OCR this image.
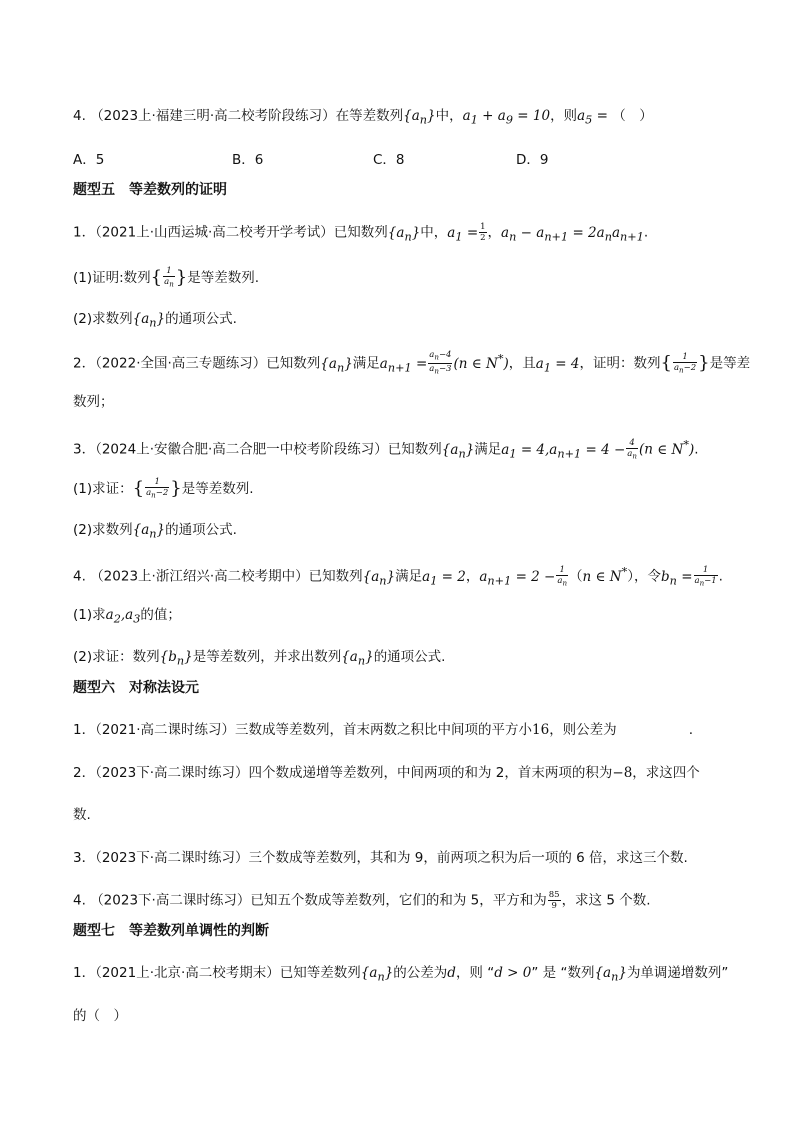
4. （2023上·福建三明·高二校考阶段练习）在等差数列$\{a_n\}$中，$a_1 + a_9 = 10$，则$a_5$ = （　）
A．5	B．6	C．8	D．9
题型五　等差数列的证明
1．（2021上·山西运城·高二校考开学考试）已知数列$\{a_n\}$中，$a_1 = \frac{1}{2}$ ，$a_n - a_{n+1} = 2a_na_{n+1}$.
(1)证明:数列{ $\frac{1}{a_n}$ }是等差数列.
(2)求数列$\{a_n\}$的通项公式.
2．（2022·全国·高三专题练习）已知数列$\{a_n\}$满足$a_{n+1} = \frac{a_n-4}{a_n-3} (n$ ∈ N*)，且$a_1 = 4$，证明：数列{ $\frac{1}{a_n-2}$ }是等差
数列；
3．（2024上·安徽合肥·高二合肥一中校考阶段练习）已知数列$\{a_n\}$满足$a_1 = 4,a_{n+1} = 4 - \frac{4}{a_n} (n$ ∈ N*).
(1)求证：{ $\frac{1}{a_n-2}$ }是等差数列.
(2)求数列$\{a_n\}$的通项公式.
4. （2023上·浙江绍兴·高二校考期中）已知数列$\{a_n\}$满足$a_1 = 2$，$a_{n+1} = 2 - \frac{1}{a_n} (n$ ∈ N*），令$b_n = \frac{1}{a_n-1}$ .
(1)求$a_2,a_3$的值；
(2)求证：数列$\{b_n\}$是等差数列，并求出数列$\{a_n\}$的通项公式.
题型六　对称法设元
1．（2021·高二课时练习）三数成等差数列，首末两数之积比中间项的平方小16，则公差为	.
2．（2023下·高二课时练习）四个数成递增等差数列，中间两项的和为 2，首末两项的积为−8，求这四个
数.
3．（2023下·高二课时练习）三个数成等差数列，其和为 9，前两项之积为后一项的 6 倍，求这三个数.
4. （2023下·高二课时练习）已知五个数成等差数列，它们的和为 5，平方和为 $\frac{85}{9}$ ，求这 5 个数.
题型七　等差数列单调性的判断
1．（2021上·北京·高二校考期末）已知等差数列$\{a_n\}$的公差为d，则 “d > 0” 是 “数列$\{a_n\}$为单调递增数列”
的（　）
